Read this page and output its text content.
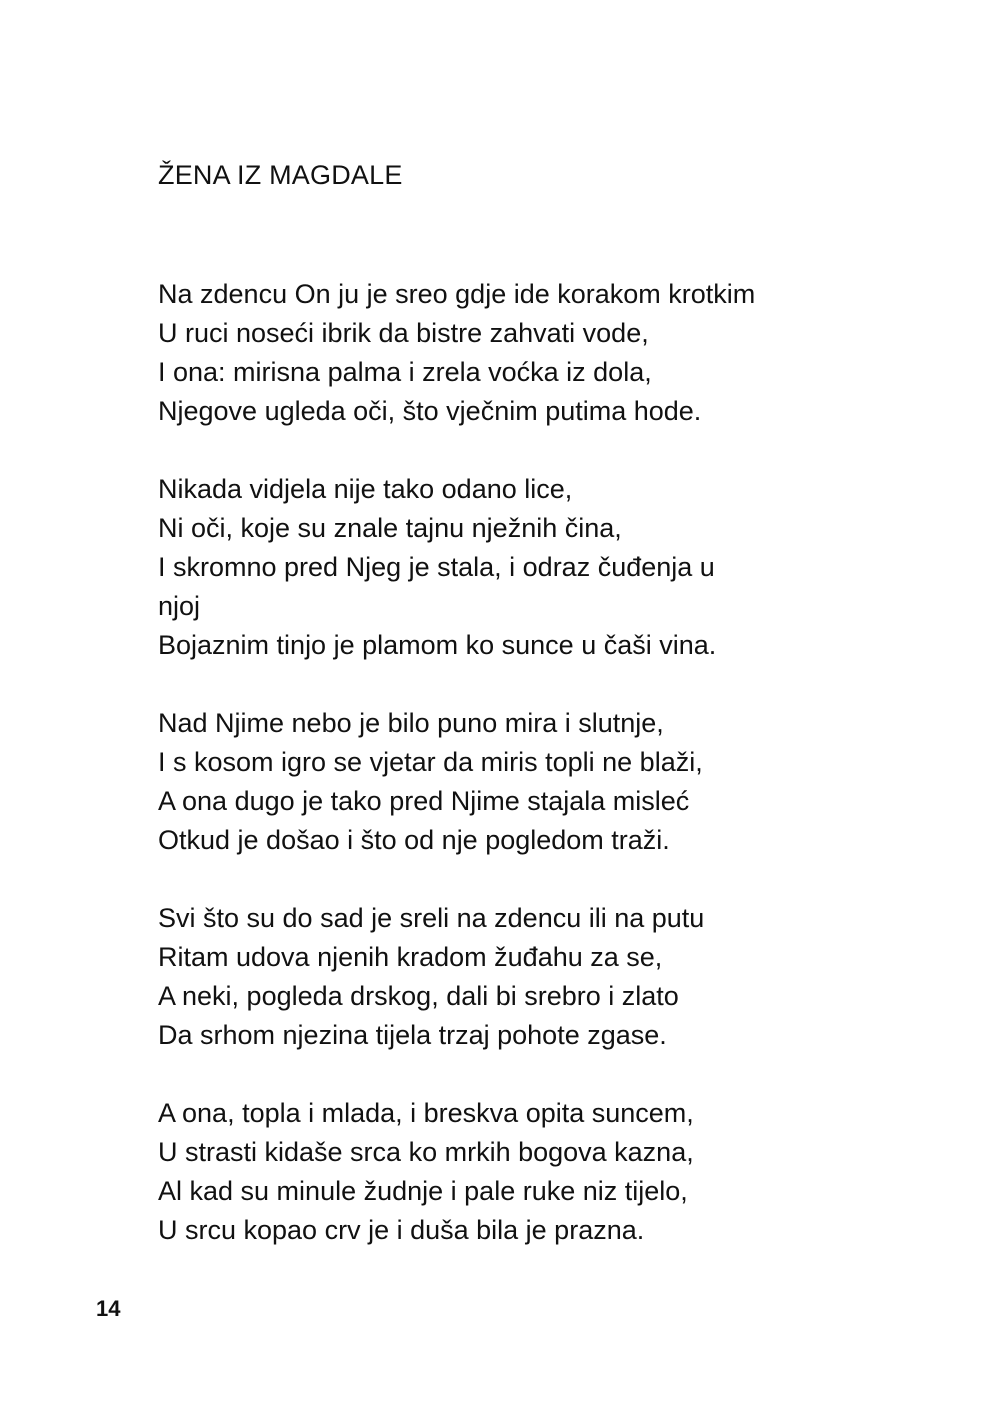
ŽENA IZ MAGDALE
Na zdencu On ju je sreo gdje ide korakom krotkim
U ruci noseći ibrik da bistre zahvati vode,
I ona: mirisna palma i zrela voćka iz dola,
Njegove ugleda oči, što vječnim putima hode.
Nikada vidjela nije tako odano lice,
Ni oči, koje su znale tajnu nježnih čina,
I skromno pred Njeg je stala, i odraz čuđenja u
njoj
Bojaznim tinjo je plamom ko sunce u čaši vina.
Nad Njime nebo je bilo puno mira i slutnje,
I s kosom igro se vjetar da miris topli ne blaži,
A ona dugo je tako pred Njime stajala misleć
Otkud je došao i što od nje pogledom traži.
Svi što su do sad je sreli na zdencu ili na putu
Ritam udova njenih kradom žuđahu za se,
A neki, pogleda drskog, dali bi srebro i zlato
Da srhom njezina tijela trzaj pohote zgase.
A ona, topla i mlada, i breskva opita suncem,
U strasti kidaše srca ko mrkih bogova kazna,
Al kad su minule žudnje i pale ruke niz tijelo,
U srcu kopao crv je i duša bila je prazna.
14
